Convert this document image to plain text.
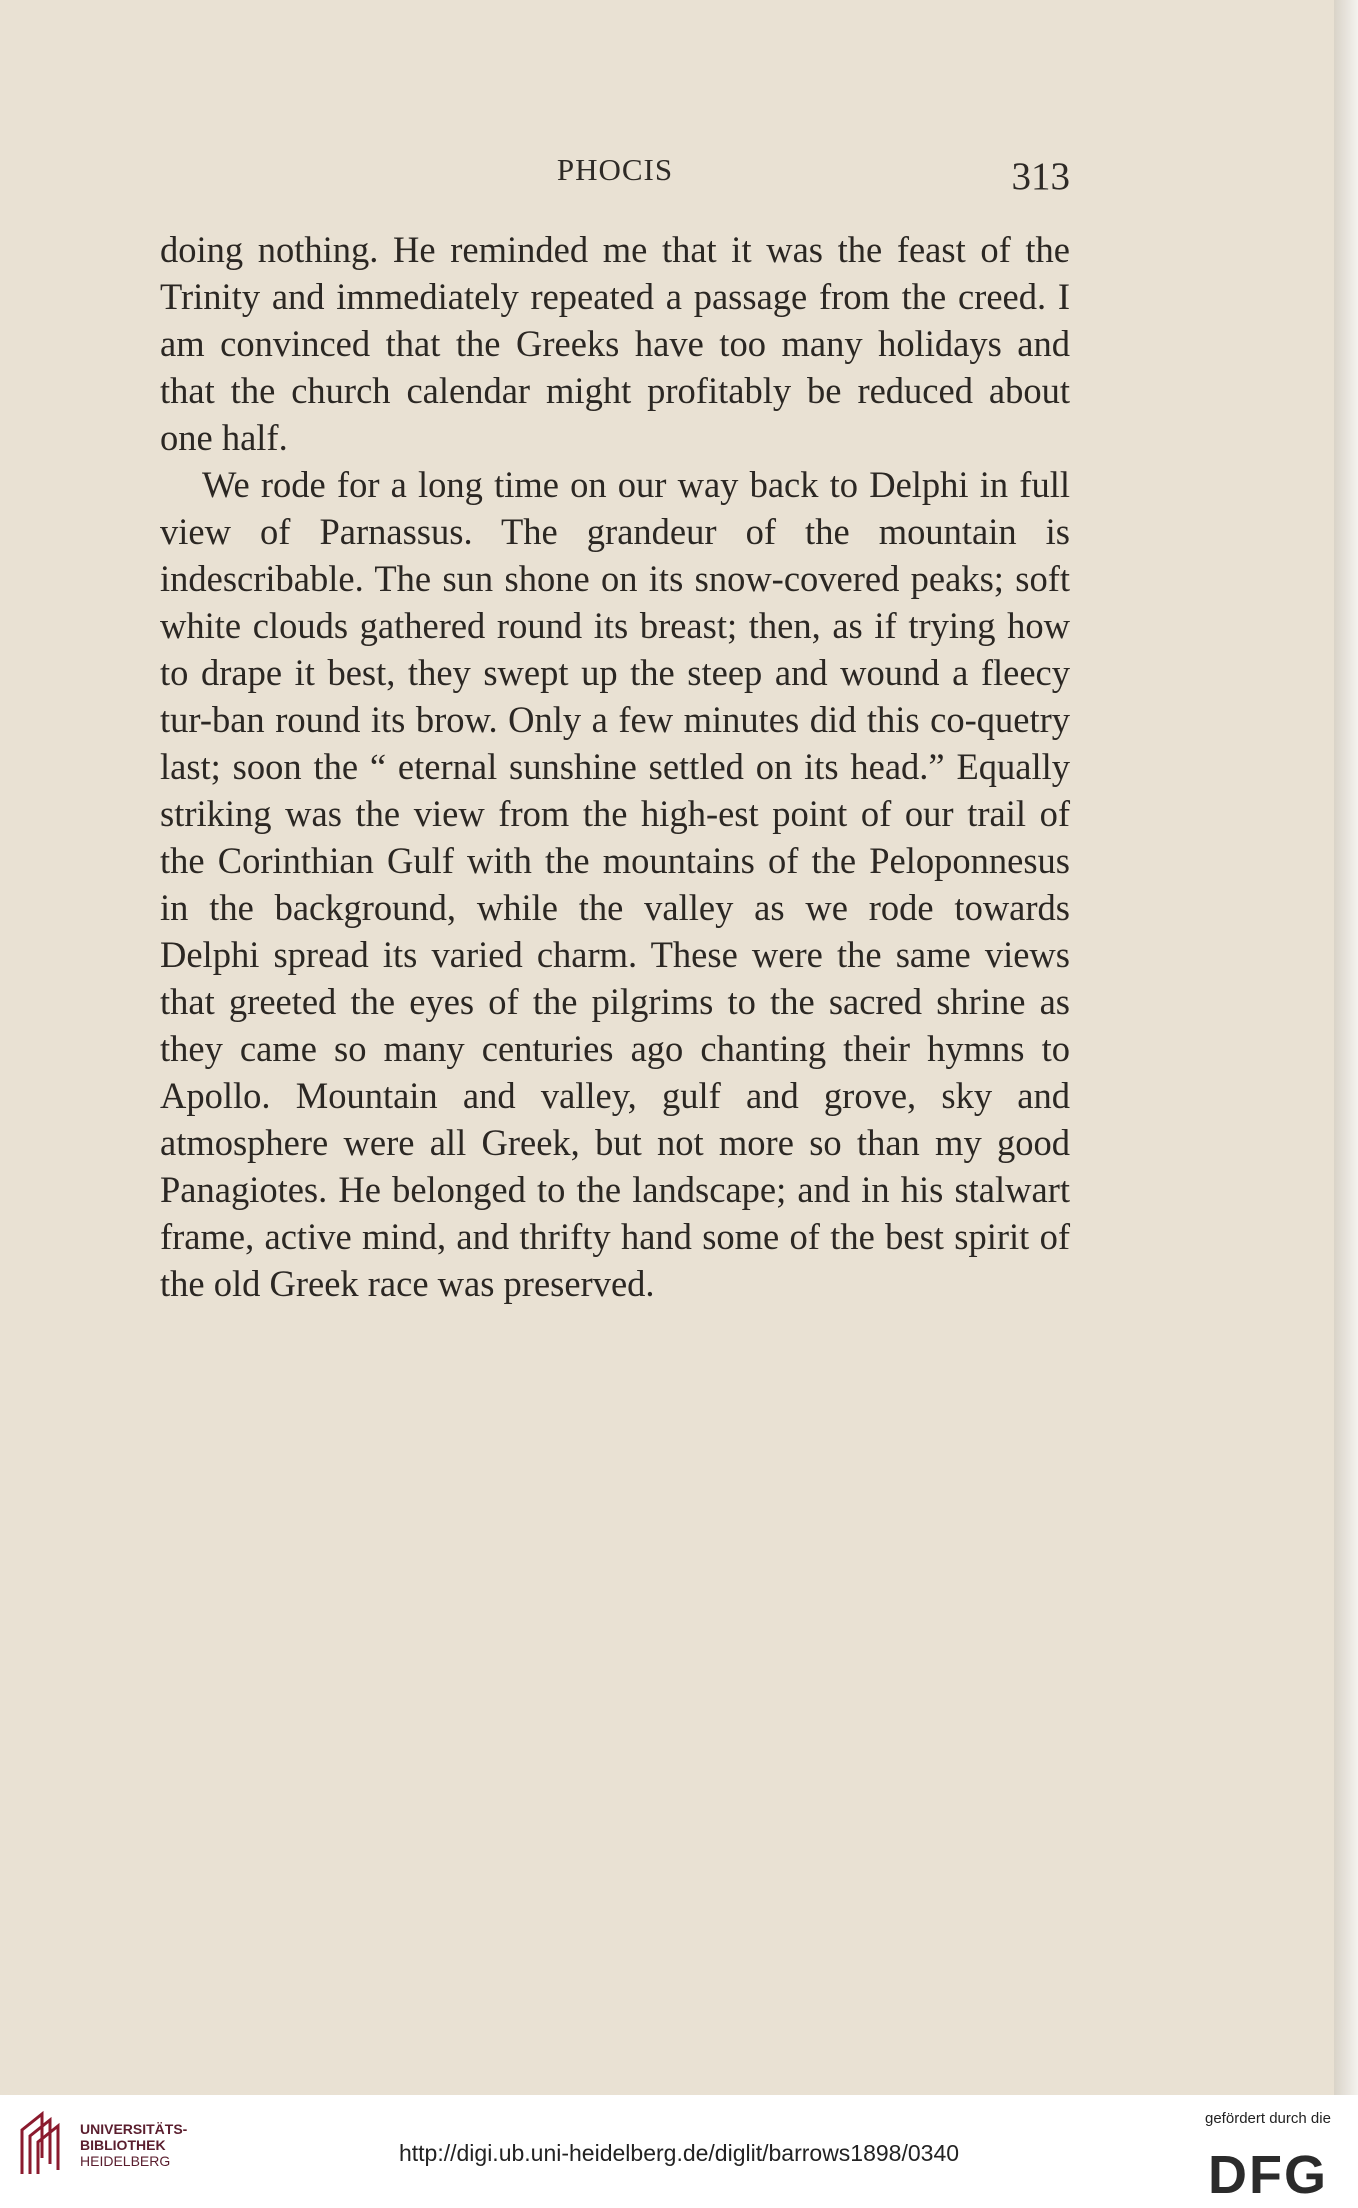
PHOCIS	313

doing nothing. He reminded me that it was the feast of the Trinity and immediately repeated a passage from the creed. I am convinced that the Greeks have too many holidays and that the church calendar might profitably be reduced about one half.

We rode for a long time on our way back to Delphi in full view of Parnassus. The grandeur of the mountain is indescribable. The sun shone on its snow-covered peaks; soft white clouds gathered round its breast; then, as if trying how to drape it best, they swept up the steep and wound a fleecy tur-ban round its brow. Only a few minutes did this co-quetry last; soon the “ eternal sunshine settled on its head.” Equally striking was the view from the high-est point of our trail of the Corinthian Gulf with the mountains of the Peloponnesus in the background, while the valley as we rode towards Delphi spread its varied charm. These were the same views that greeted the eyes of the pilgrims to the sacred shrine as they came so many centuries ago chanting their hymns to Apollo. Mountain and valley, gulf and grove, sky and atmosphere were all Greek, but not more so than my good Panagiotes. He belonged to the landscape; and in his stalwart frame, active mind, and thrifty hand some of the best spirit of the old Greek race was preserved.

UNIVERSITÄTS-
BIBLIOTHEK
HEIDELBERG	http://digi.ub.uni-heidelberg.de/diglit/barrows1898/0340
gefördert durch die
DFG
